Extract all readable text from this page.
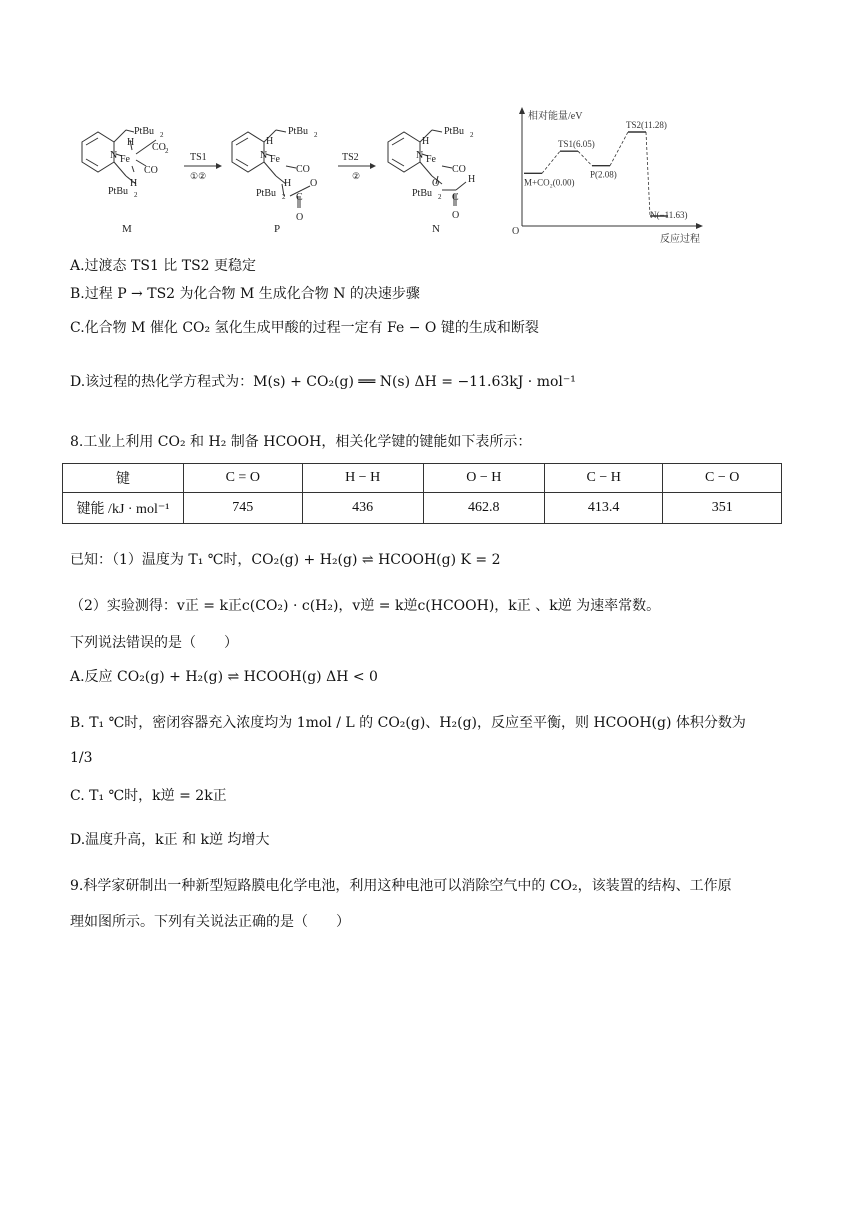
PtBu 2
CO 2
H
N Fe
CO
H
PtBu 2
M
TS1
①②
PtBu 2
H
N Fe
CO
H
PtBu 2 C
O
O
P
TS2
②
PtBu 2
H
N Fe
CO
O
PtBu 2 C
H
O
N
相对能量/eV
反应过程
O
M+CO₂(0.00)
TS1(6.05)
P(2.08)
TS2(11.28)
N(−11.63)
A.过渡态 TS1 比 TS2 更稳定
B.过程 P → TS2 为化合物 M 生成化合物 N 的决速步骤
C.化合物 M 催化 CO₂ 氢化生成甲酸的过程一定有 Fe − O 键的生成和断裂
D.该过程的热化学方程式为：M(s) + CO₂(g) ══ N(s) ΔH = −11.63kJ · mol⁻¹
8.工业上利用 CO₂ 和 H₂ 制备 HCOOH，相关化学键的键能如下表所示：
键	C = O	H − H	O − H	C − H	C − O
键能 /kJ · mol⁻¹	745	436	462.8	413.4	351
已知：（1）温度为 T₁ ℃时，CO₂(g) + H₂(g) ⇌ HCOOH(g) K = 2
（2）实验测得：v正 = k正c(CO₂) · c(H₂)，v逆 = k逆c(HCOOH)，k正 、k逆 为速率常数。
下列说法错误的是（　　）
A.反应 CO₂(g) + H₂(g) ⇌ HCOOH(g) ΔH < 0
B. T₁ ℃时，密闭容器充入浓度均为 1mol / L 的 CO₂(g)、H₂(g)，反应至平衡，则 HCOOH(g) 体积分数为
1/3
C. T₁ ℃时，k逆 = 2k正
D.温度升高，k正 和 k逆 均增大
9.科学家研制出一种新型短路膜电化学电池，利用这种电池可以消除空气中的 CO₂，该装置的结构、工作原
理如图所示。下列有关说法正确的是（　　）
